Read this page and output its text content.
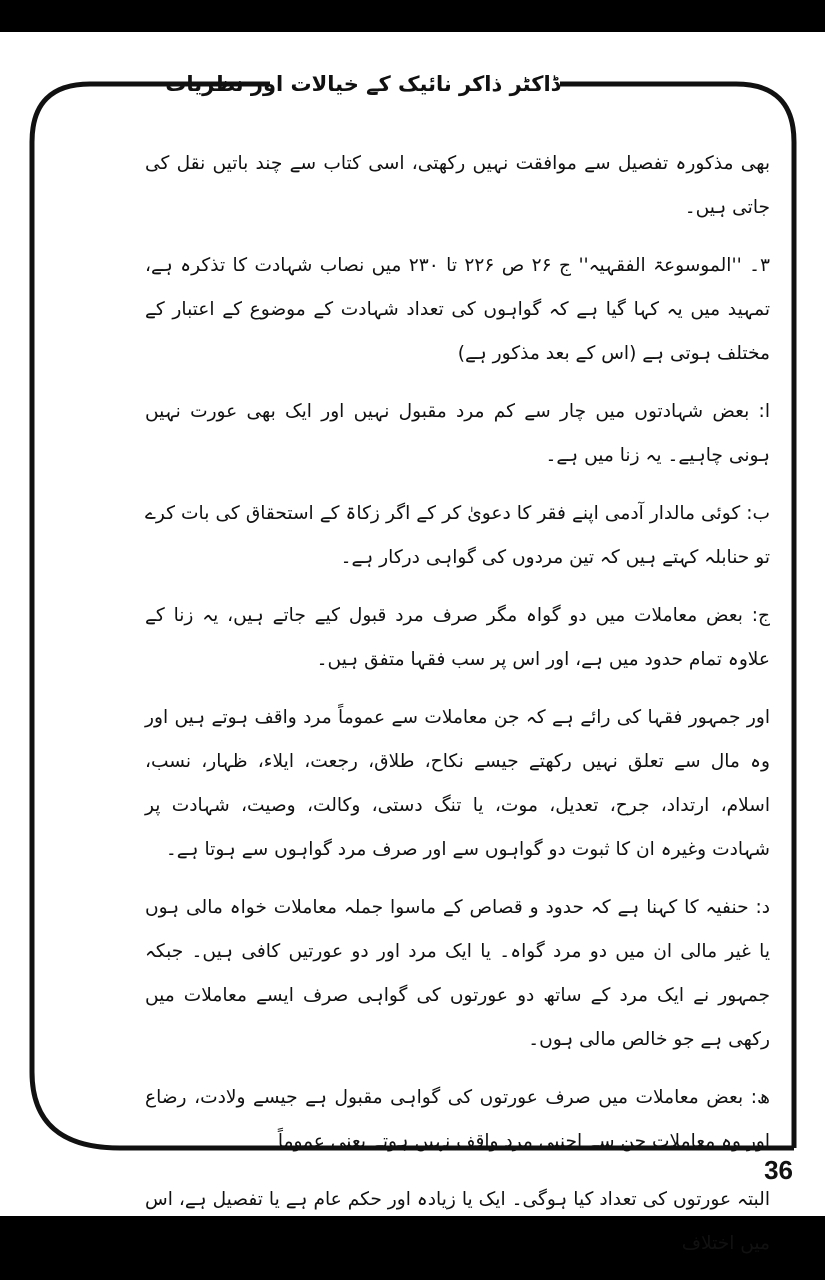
ڈاکٹر ذاکر نائیک کے خیالات اور نظریات

بھی مذکورہ تفصیل سے موافقت نہیں رکھتی، اسی کتاب سے چند باتیں نقل کی جاتی ہیں۔

۳۔ ''الموسوعۃ الفقہیہ'' ج ۲۶ ص ۲۲۶ تا ۲۳۰ میں نصاب شہادت کا تذکرہ ہے، تمہید میں یہ کہا گیا ہے کہ گواہوں کی تعداد شہادت کے موضوع کے اعتبار کے مختلف ہوتی ہے (اس کے بعد مذکور ہے)

ا: بعض شہادتوں میں چار سے کم مرد مقبول نہیں اور ایک بھی عورت نہیں ہونی چاہیے۔ یہ زنا میں ہے۔

ب: کوئی مالدار آدمی اپنے فقر کا دعویٰ کر کے اگر زکاۃ کے استحقاق کی بات کرے تو حنابلہ کہتے ہیں کہ تین مردوں کی گواہی درکار ہے۔

ج: بعض معاملات میں دو گواہ مگر صرف مرد قبول کیے جاتے ہیں، یہ زنا کے علاوہ تمام حدود میں ہے، اور اس پر سب فقہا متفق ہیں۔

اور جمہور فقہا کی رائے ہے کہ جن معاملات سے عموماً مرد واقف ہوتے ہیں اور وہ مال سے تعلق نہیں رکھتے جیسے نکاح، طلاق، رجعت، ایلاء، ظہار، نسب، اسلام، ارتداد، جرح، تعدیل، موت، یا تنگ دستی، وکالت، وصیت، شہادت پر شہادت وغیرہ ان کا ثبوت دو گواہوں سے اور صرف مرد گواہوں سے ہوتا ہے۔

د: حنفیہ کا کہنا ہے کہ حدود و قصاص کے ماسوا جملہ معاملات خواہ مالی ہوں یا غیر مالی ان میں دو مرد گواہ۔ یا ایک مرد اور دو عورتیں کافی ہیں۔ جبکہ جمہور نے ایک مرد کے ساتھ دو عورتوں کی گواہی صرف ایسے معاملات میں رکھی ہے جو خالص مالی ہوں۔

ھ: بعض معاملات میں صرف عورتوں کی گواہی مقبول ہے جیسے ولادت، رضاع اور وہ معاملات جن سے اجنبی مرد واقف نہیں ہوتے یعنی عموماً۔

البتہ عورتوں کی تعداد کیا ہوگی۔ ایک یا زیادہ اور حکم عام ہے یا تفصیل ہے، اس میں اختلاف

36
